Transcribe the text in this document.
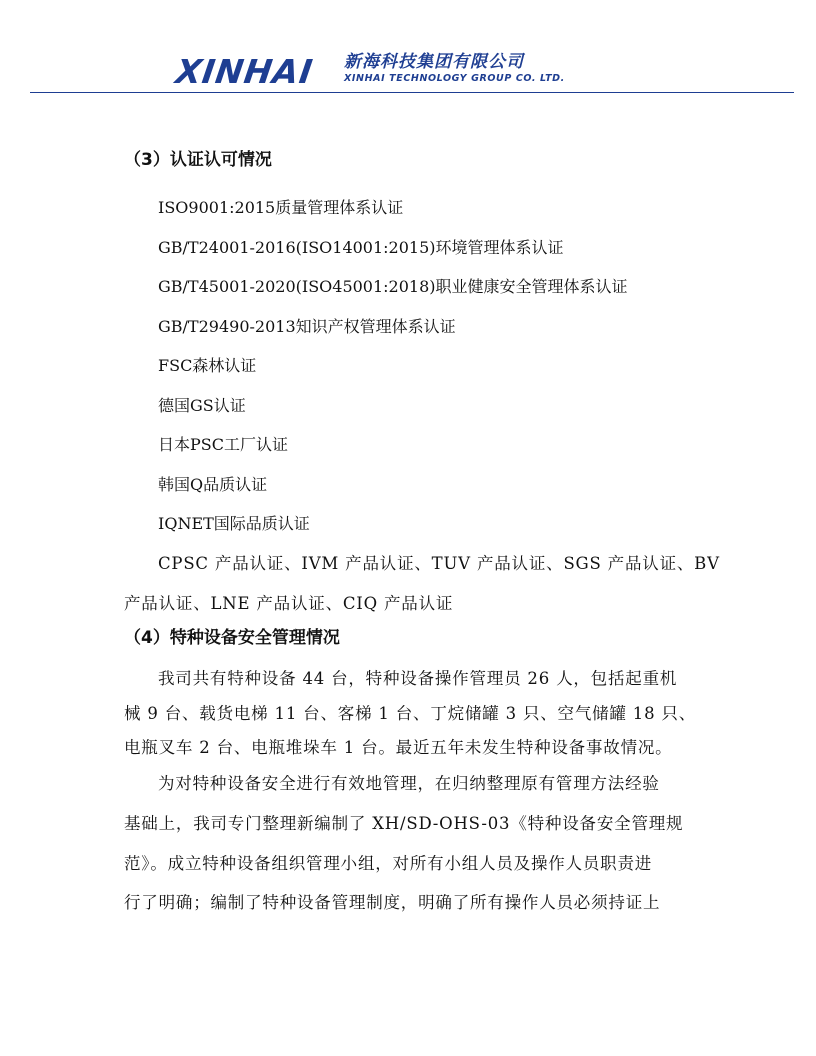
XINHAI 新海科技集团有限公司
XINHAI TECHNOLOGY GROUP CO. LTD.
（3）认证认可情况
ISO9001:2015质量管理体系认证
GB/T24001-2016(ISO14001:2015)环境管理体系认证
GB/T45001-2020(ISO45001:2018)职业健康安全管理体系认证
GB/T29490-2013知识产权管理体系认证
FSC森林认证
德国GS认证
日本PSC工厂认证
韩国Q品质认证
IQNET国际品质认证
CPSC 产品认证、IVM 产品认证、TUV 产品认证、SGS 产品认证、BV
产品认证、LNE 产品认证、CIQ 产品认证
（4）特种设备安全管理情况
我司共有特种设备 44 台，特种设备操作管理员 26 人，包括起重机
械 9 台、载货电梯 11 台、客梯 1 台、丁烷储罐 3 只、空气储罐 18 只、
电瓶叉车 2 台、电瓶堆垛车 1 台。最近五年未发生特种设备事故情况。
为对特种设备安全进行有效地管理，在归纳整理原有管理方法经验
基础上，我司专门整理新编制了 XH/SD-OHS-03《特种设备安全管理规
范》。成立特种设备组织管理小组，对所有小组人员及操作人员职责进
行了明确；编制了特种设备管理制度，明确了所有操作人员必须持证上
